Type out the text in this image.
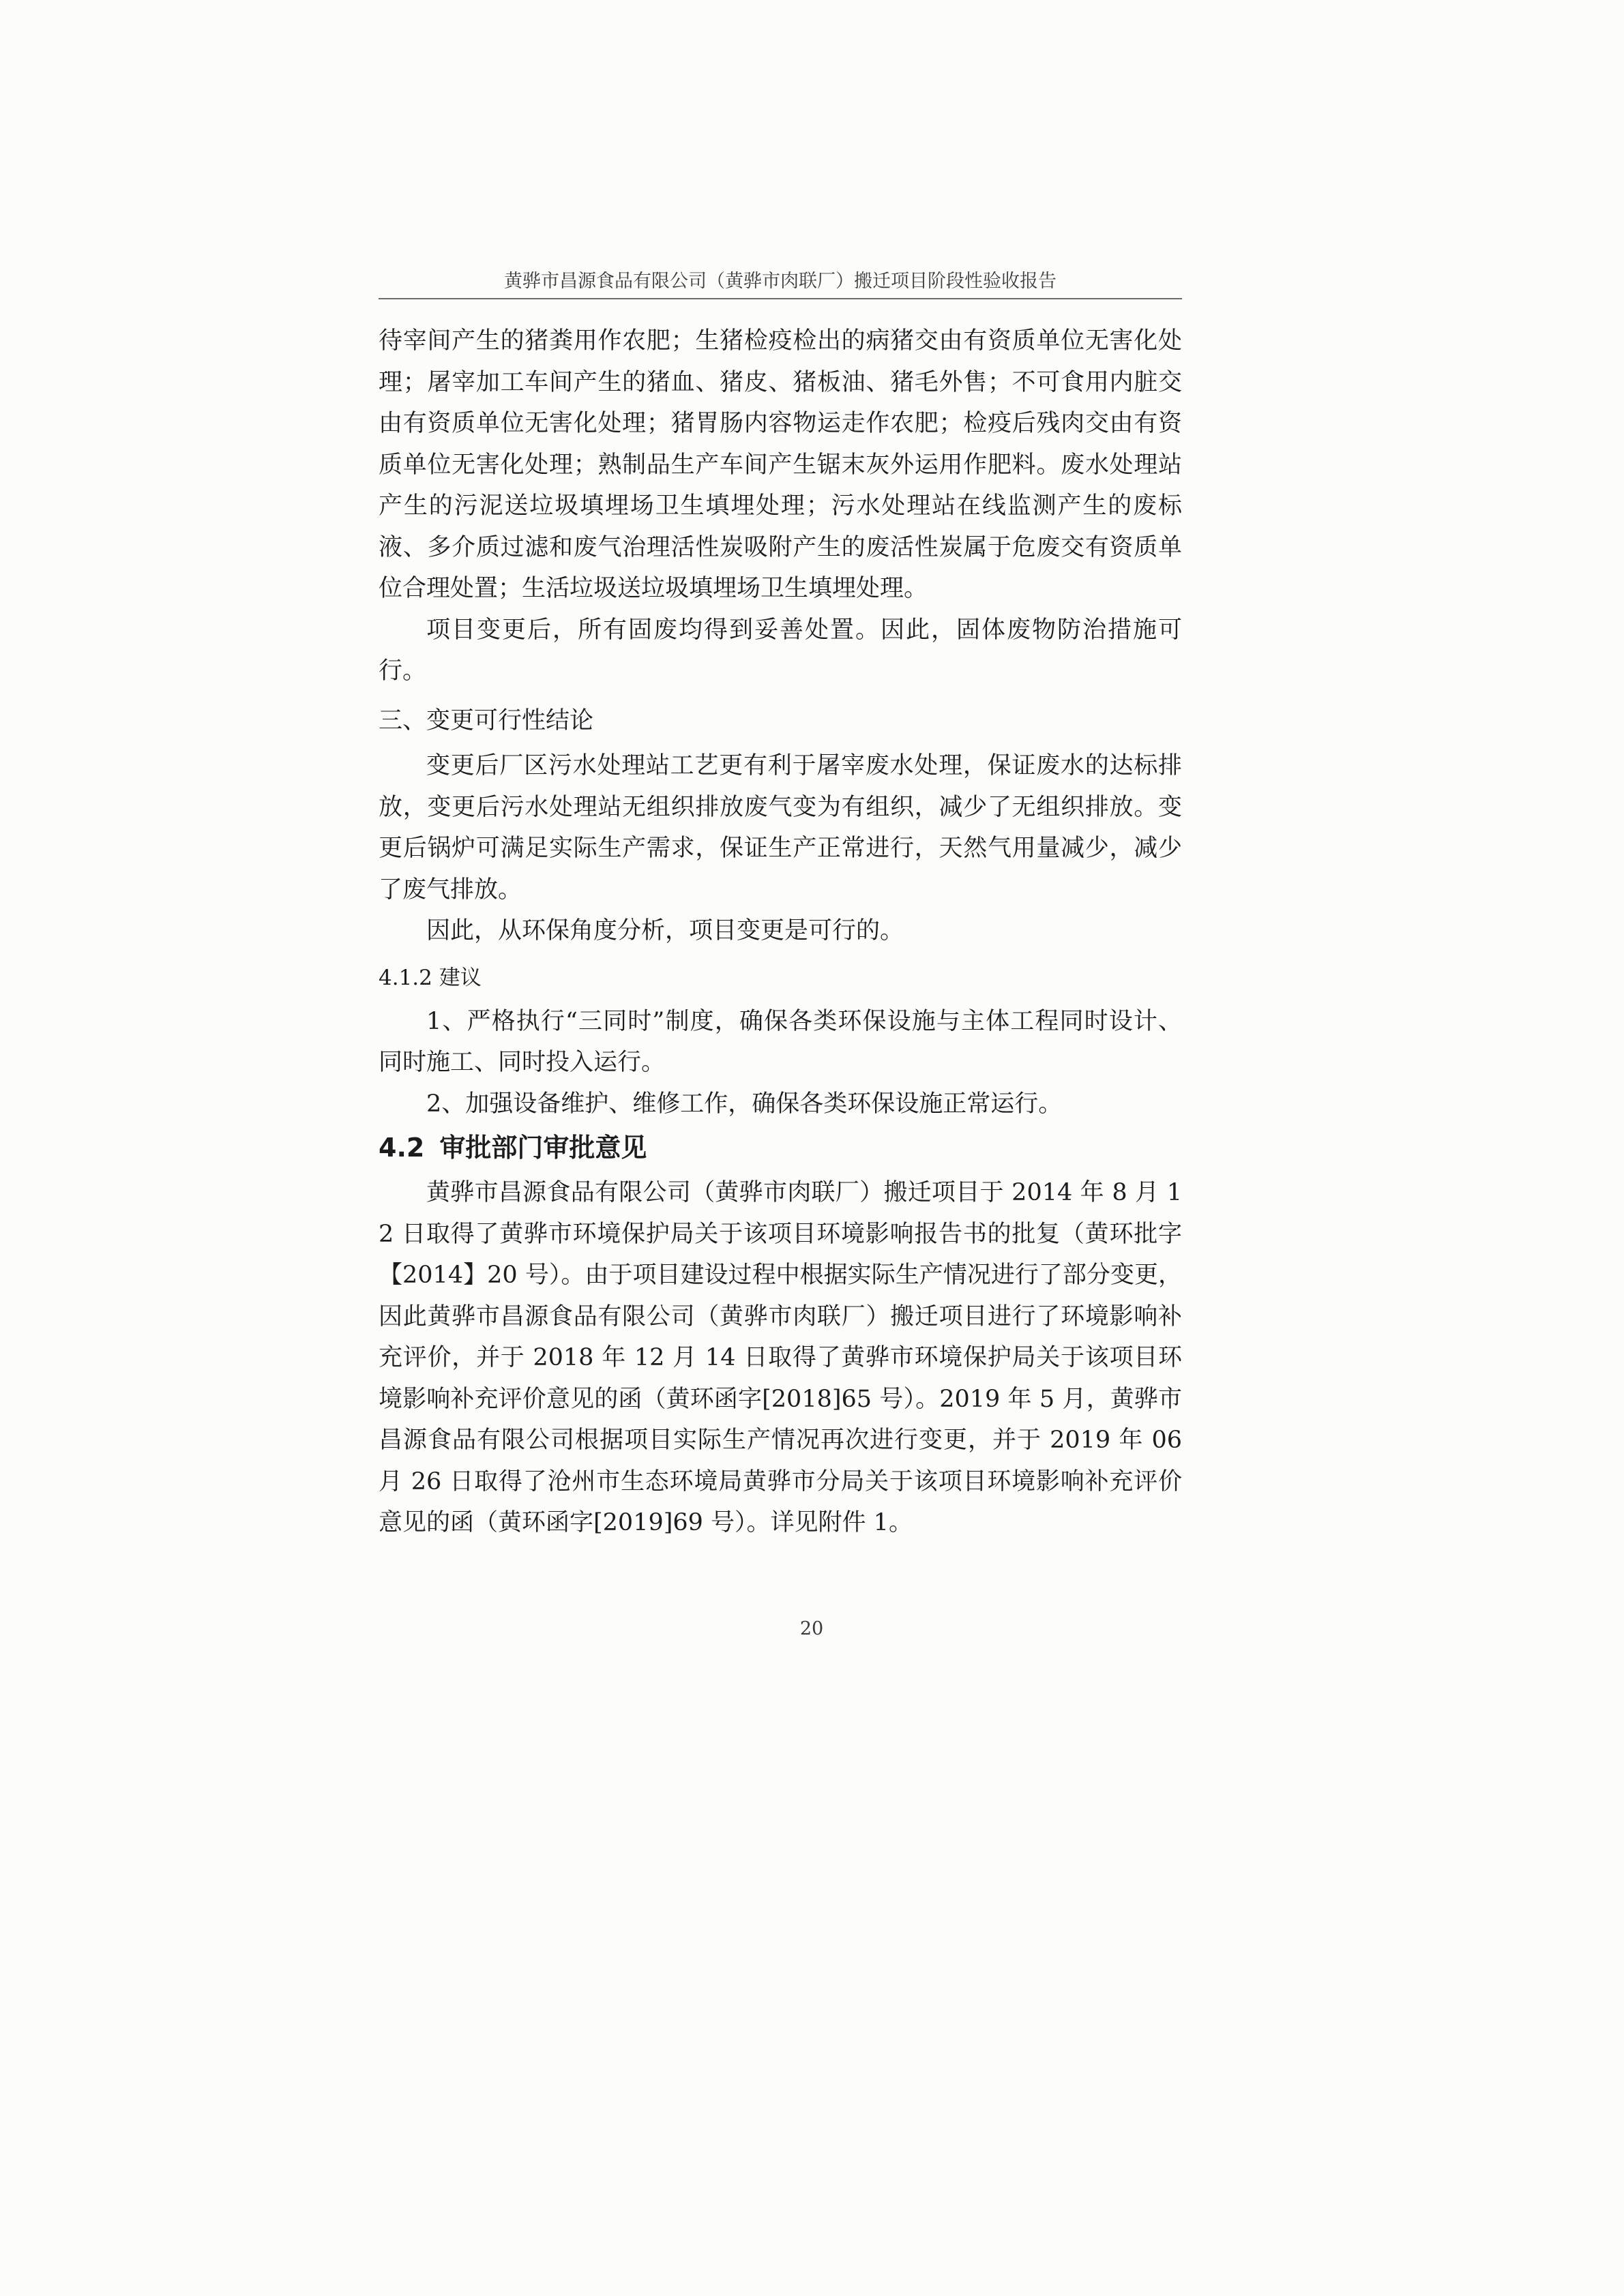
黄骅市昌源食品有限公司（黄骅市肉联厂）搬迁项目阶段性验收报告

待宰间产生的猪粪用作农肥；生猪检疫检出的病猪交由有资质单位无害化处理；屠宰加工车间产生的猪血、猪皮、猪板油、猪毛外售；不可食用内脏交由有资质单位无害化处理；猪胃肠内容物运走作农肥；检疫后残肉交由有资质单位无害化处理；熟制品生产车间产生锯末灰外运用作肥料。废水处理站产生的污泥送垃圾填埋场卫生填埋处理；污水处理站在线监测产生的废标液、多介质过滤和废气治理活性炭吸附产生的废活性炭属于危废交有资质单位合理处置；生活垃圾送垃圾填埋场卫生填埋处理。

项目变更后，所有固废均得到妥善处置。因此，固体废物防治措施可行。

三、变更可行性结论

变更后厂区污水处理站工艺更有利于屠宰废水处理，保证废水的达标排放，变更后污水处理站无组织排放废气变为有组织，减少了无组织排放。变更后锅炉可满足实际生产需求，保证生产正常进行，天然气用量减少，减少了废气排放。

因此，从环保角度分析，项目变更是可行的。

4.1.2 建议

1、严格执行“三同时”制度，确保各类环保设施与主体工程同时设计、同时施工、同时投入运行。

2、加强设备维护、维修工作，确保各类环保设施正常运行。

4.2 审批部门审批意见

黄骅市昌源食品有限公司（黄骅市肉联厂）搬迁项目于 2014 年 8 月 12 日取得了黄骅市环境保护局关于该项目环境影响报告书的批复（黄环批字【2014】20 号）。由于项目建设过程中根据实际生产情况进行了部分变更，因此黄骅市昌源食品有限公司（黄骅市肉联厂）搬迁项目进行了环境影响补充评价，并于 2018 年 12 月 14 日取得了黄骅市环境保护局关于该项目环境影响补充评价意见的函（黄环函字[2018]65 号）。2019 年 5 月，黄骅市昌源食品有限公司根据项目实际生产情况再次进行变更，并于 2019 年 06 月 26 日取得了沧州市生态环境局黄骅市分局关于该项目环境影响补充评价意见的函（黄环函字[2019]69 号）。详见附件 1。

20
